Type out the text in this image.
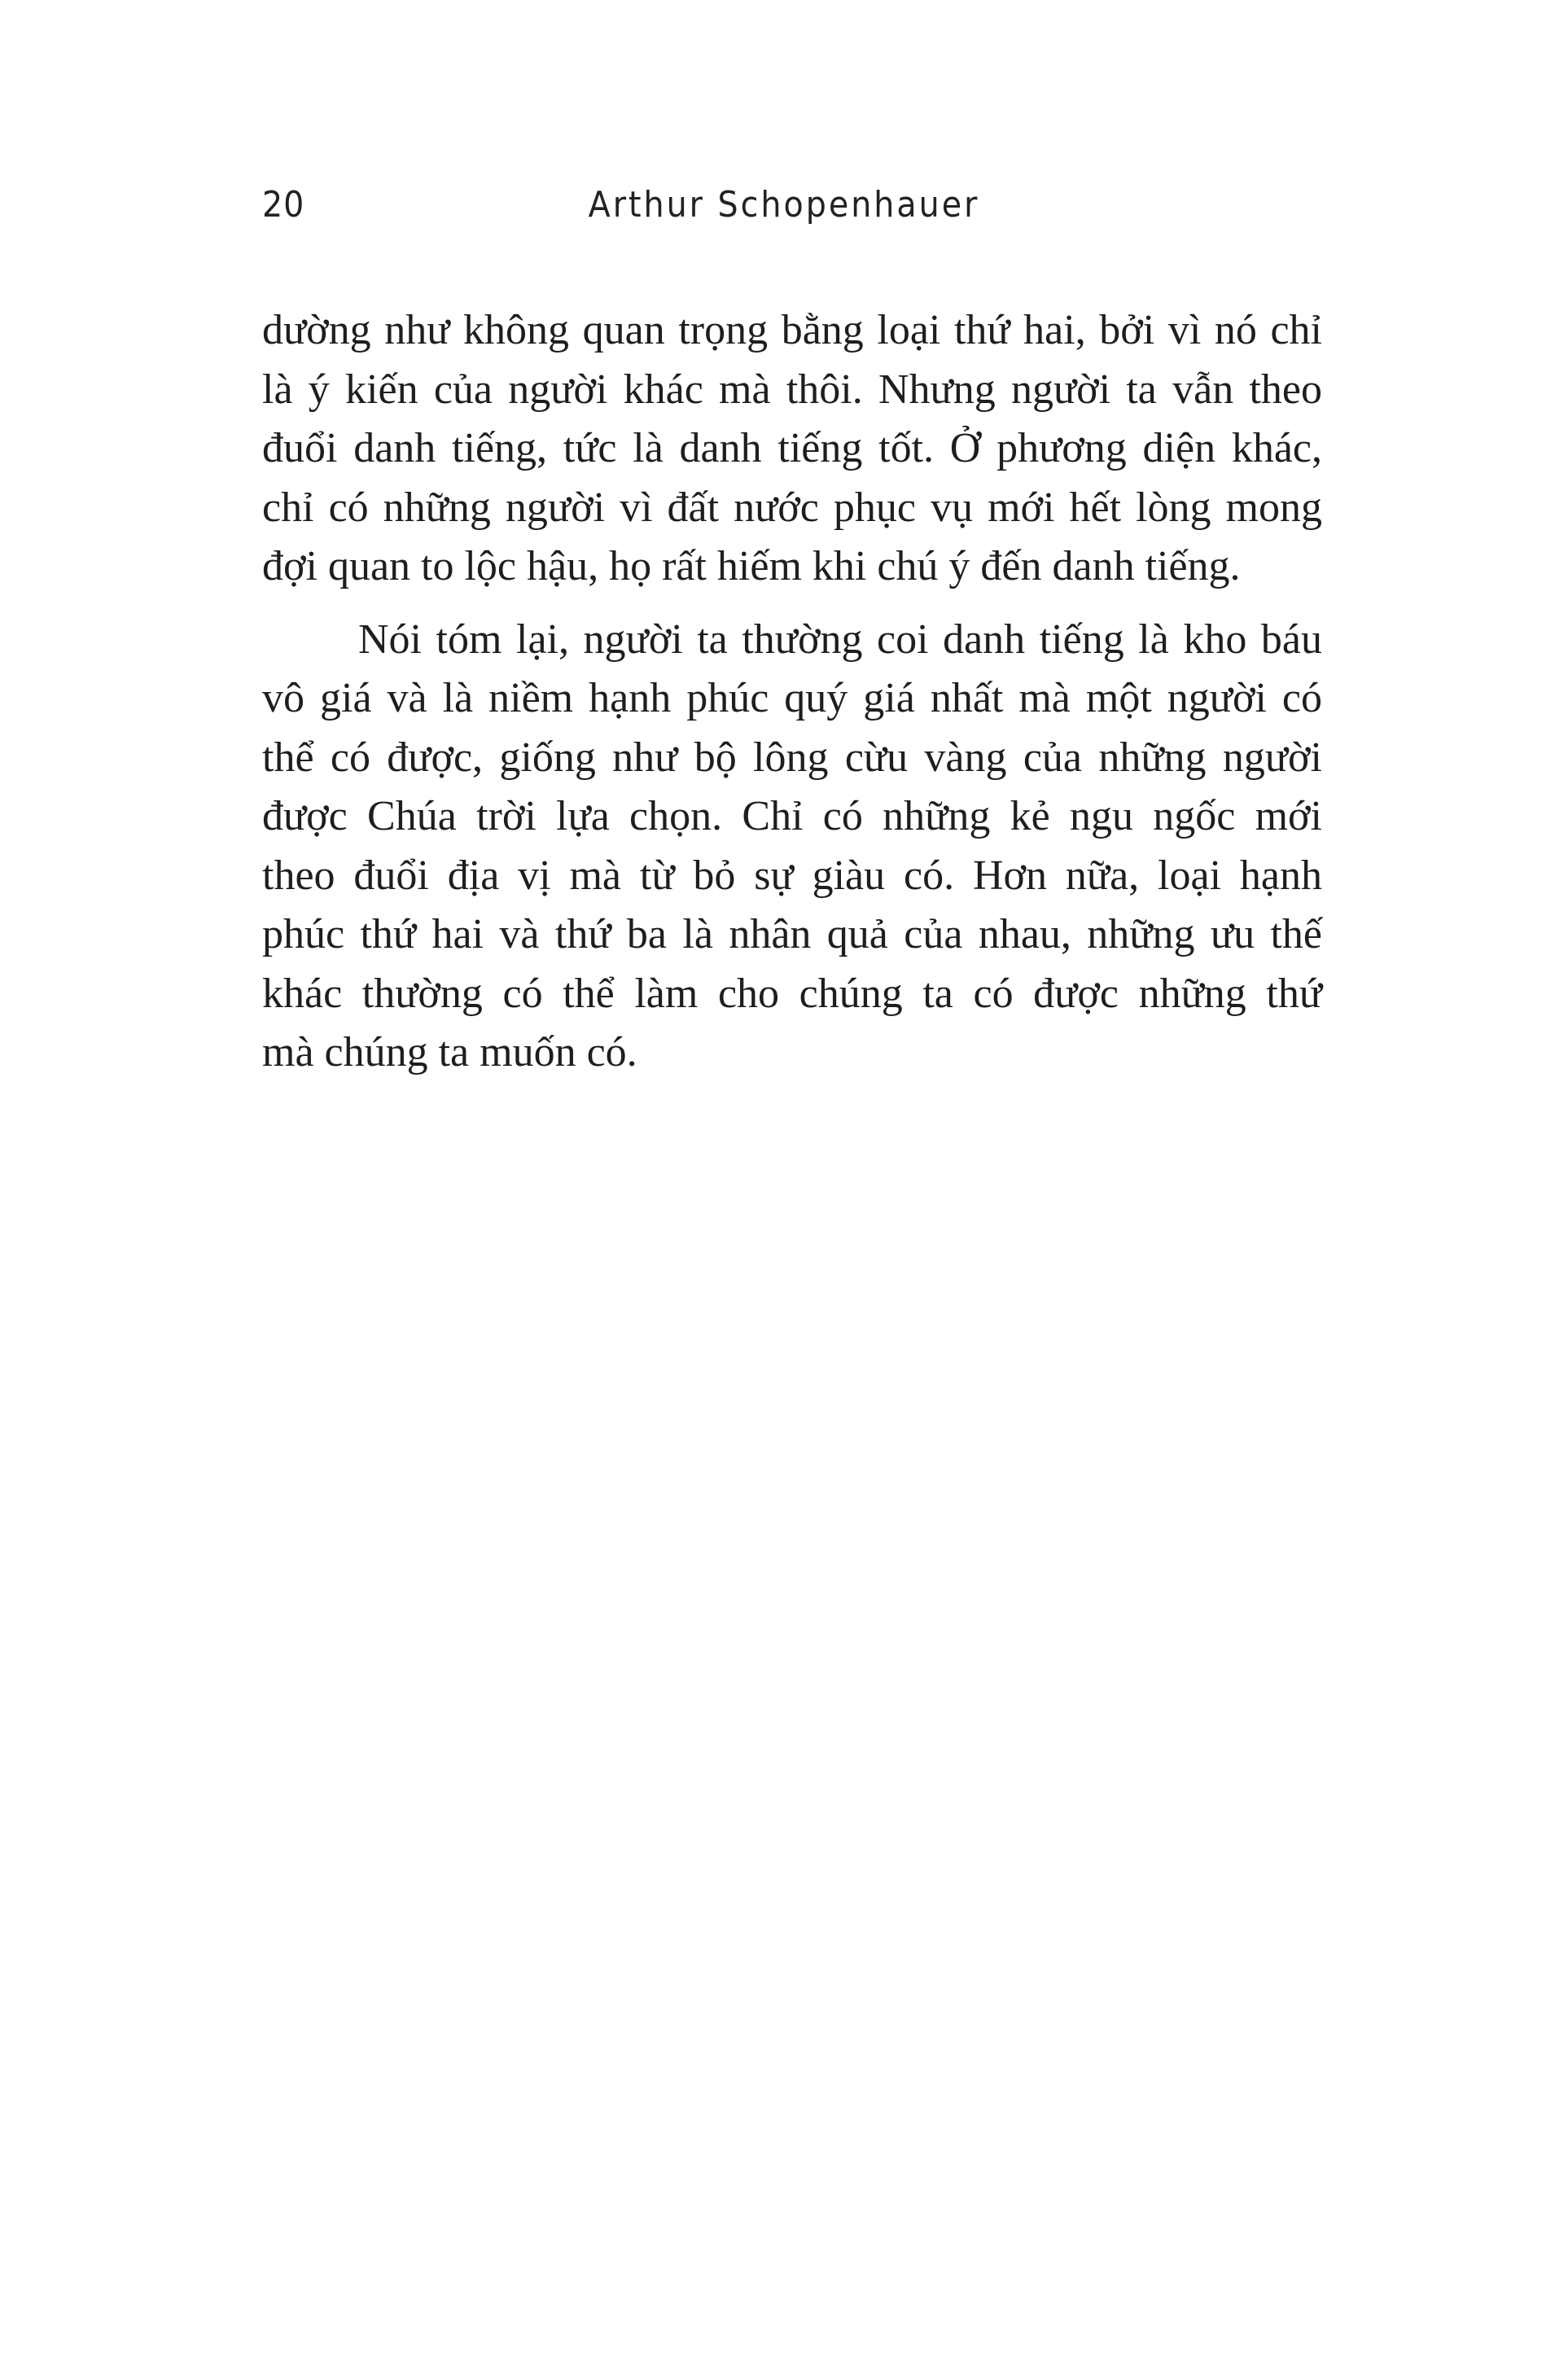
20	Arthur Schopenhauer
dường như không quan trọng bằng loại thứ hai, bởi vì nó chỉ
là ý kiến của người khác mà thôi. Nhưng người ta vẫn theo
đuổi danh tiếng, tức là danh tiếng tốt. Ở phương diện khác,
chỉ có những người vì đất nước phục vụ mới hết lòng mong
đợi quan to lộc hậu, họ rất hiếm khi chú ý đến danh tiếng.
Nói tóm lại, người ta thường coi danh tiếng là kho báu
vô giá và là niềm hạnh phúc quý giá nhất mà một người có
thể có được, giống như bộ lông cừu vàng của những người
được Chúa trời lựa chọn. Chỉ có những kẻ ngu ngốc mới
theo đuổi địa vị mà từ bỏ sự giàu có. Hơn nữa, loại hạnh
phúc thứ hai và thứ ba là nhân quả của nhau, những ưu thế
khác thường có thể làm cho chúng ta có được những thứ
mà chúng ta muốn có.
